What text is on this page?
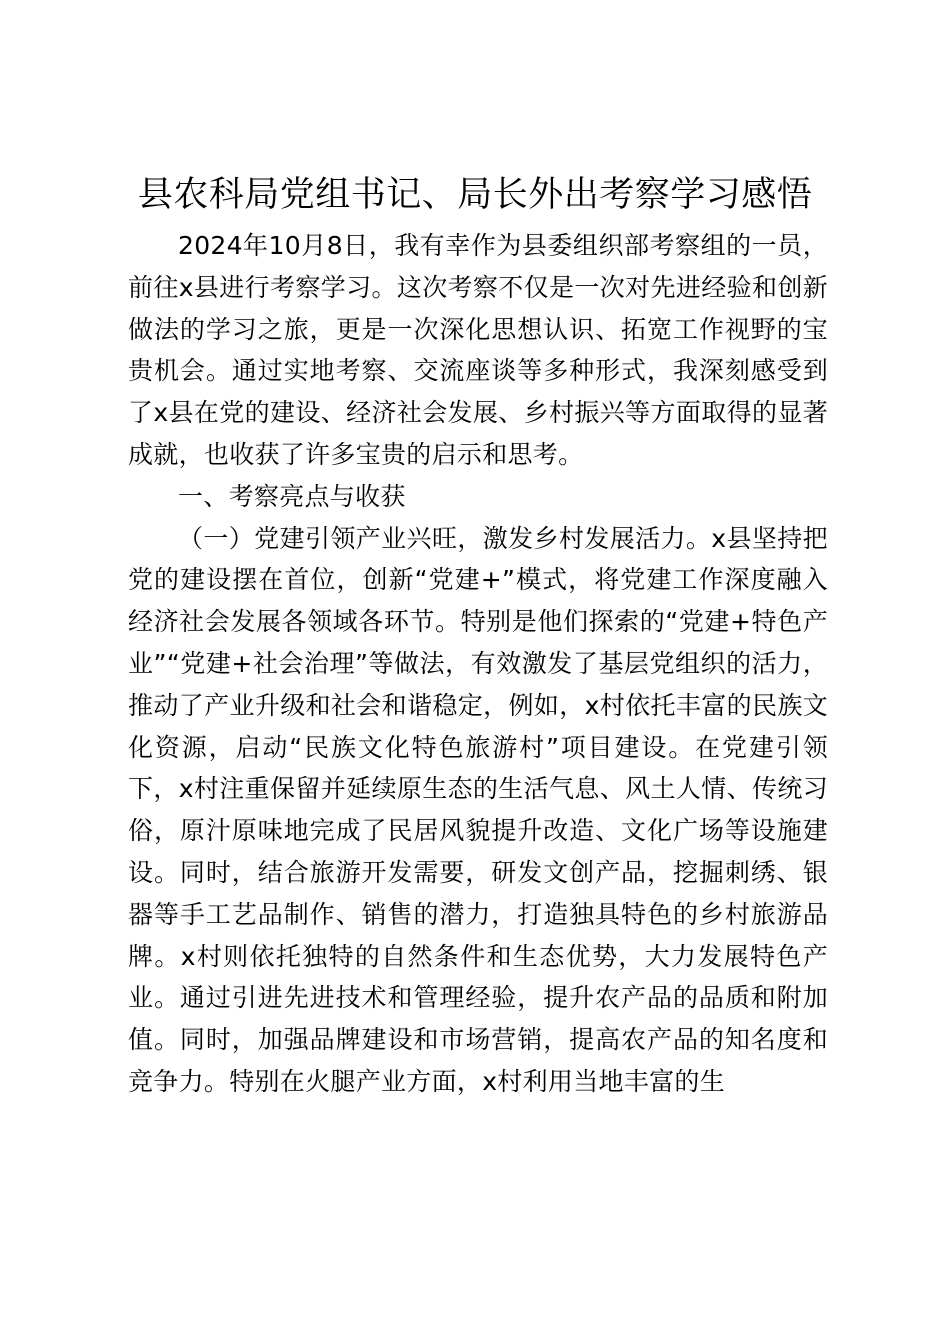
县农科局党组书记、局长外出考察学习感悟

2024年10月8日，我有幸作为县委组织部考察组的一员，前往x县进行考察学习。这次考察不仅是一次对先进经验和创新做法的学习之旅，更是一次深化思想认识、拓宽工作视野的宝贵机会。通过实地考察、交流座谈等多种形式，我深刻感受到了x县在党的建设、经济社会发展、乡村振兴等方面取得的显著成就，也收获了许多宝贵的启示和思考。

一、考察亮点与收获

（一）党建引领产业兴旺，激发乡村发展活力。x县坚持把党的建设摆在首位，创新“党建+”模式，将党建工作深度融入经济社会发展各领域各环节。特别是他们探索的“党建+特色产业”“党建+社会治理”等做法，有效激发了基层党组织的活力，推动了产业升级和社会和谐稳定，例如，x村依托丰富的民族文化资源，启动“民族文化特色旅游村”项目建设。在党建引领下，x村注重保留并延续原生态的生活气息、风土人情、传统习俗，原汁原味地完成了民居风貌提升改造、文化广场等设施建设。同时，结合旅游开发需要，研发文创产品，挖掘刺绣、银器等手工艺品制作、销售的潜力，打造独具特色的乡村旅游品牌。x村则依托独特的自然条件和生态优势，大力发展特色产业。通过引进先进技术和管理经验，提升农产品的品质和附加值。同时，加强品牌建设和市场营销，提高农产品的知名度和竞争力。特别在火腿产业方面，x村利用当地丰富的生
